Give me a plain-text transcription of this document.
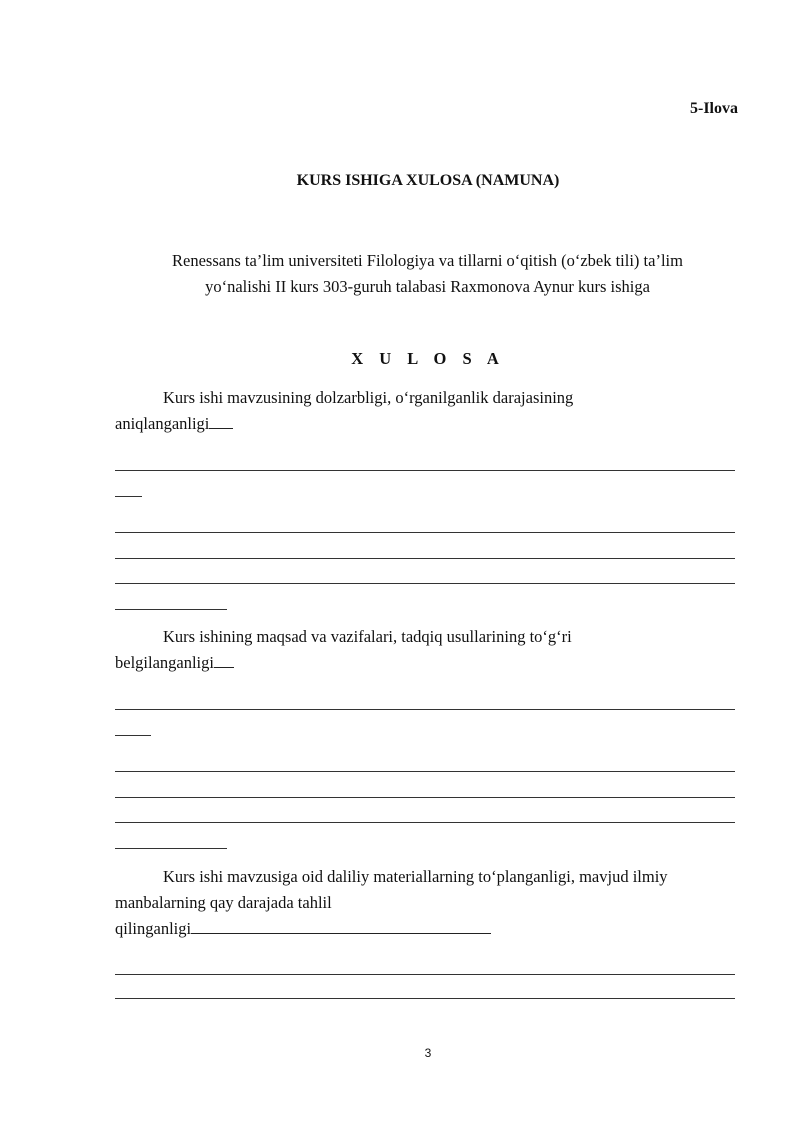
5-Ilova
KURS ISHIGA XULOSA (NAMUNA)
Renessans ta’lim universiteti Filologiya va tillarni o‘qitish (o‘zbek tili) ta’lim
yo‘nalishi II kurs 303-guruh talabasi Raxmonova Aynur kurs ishiga
X U L O S A
Kurs ishi mavzusining dolzarbligi, o‘rganilganlik darajasining
aniqlanganligi
Kurs ishining maqsad va vazifalari, tadqiq usullarining to‘g‘ri
belgilanganligi
Kurs ishi mavzusiga oid daliliy materiallarning to‘planganligi, mavjud ilmiy
manbalarning qay darajada tahlil
qilinganligi
3
